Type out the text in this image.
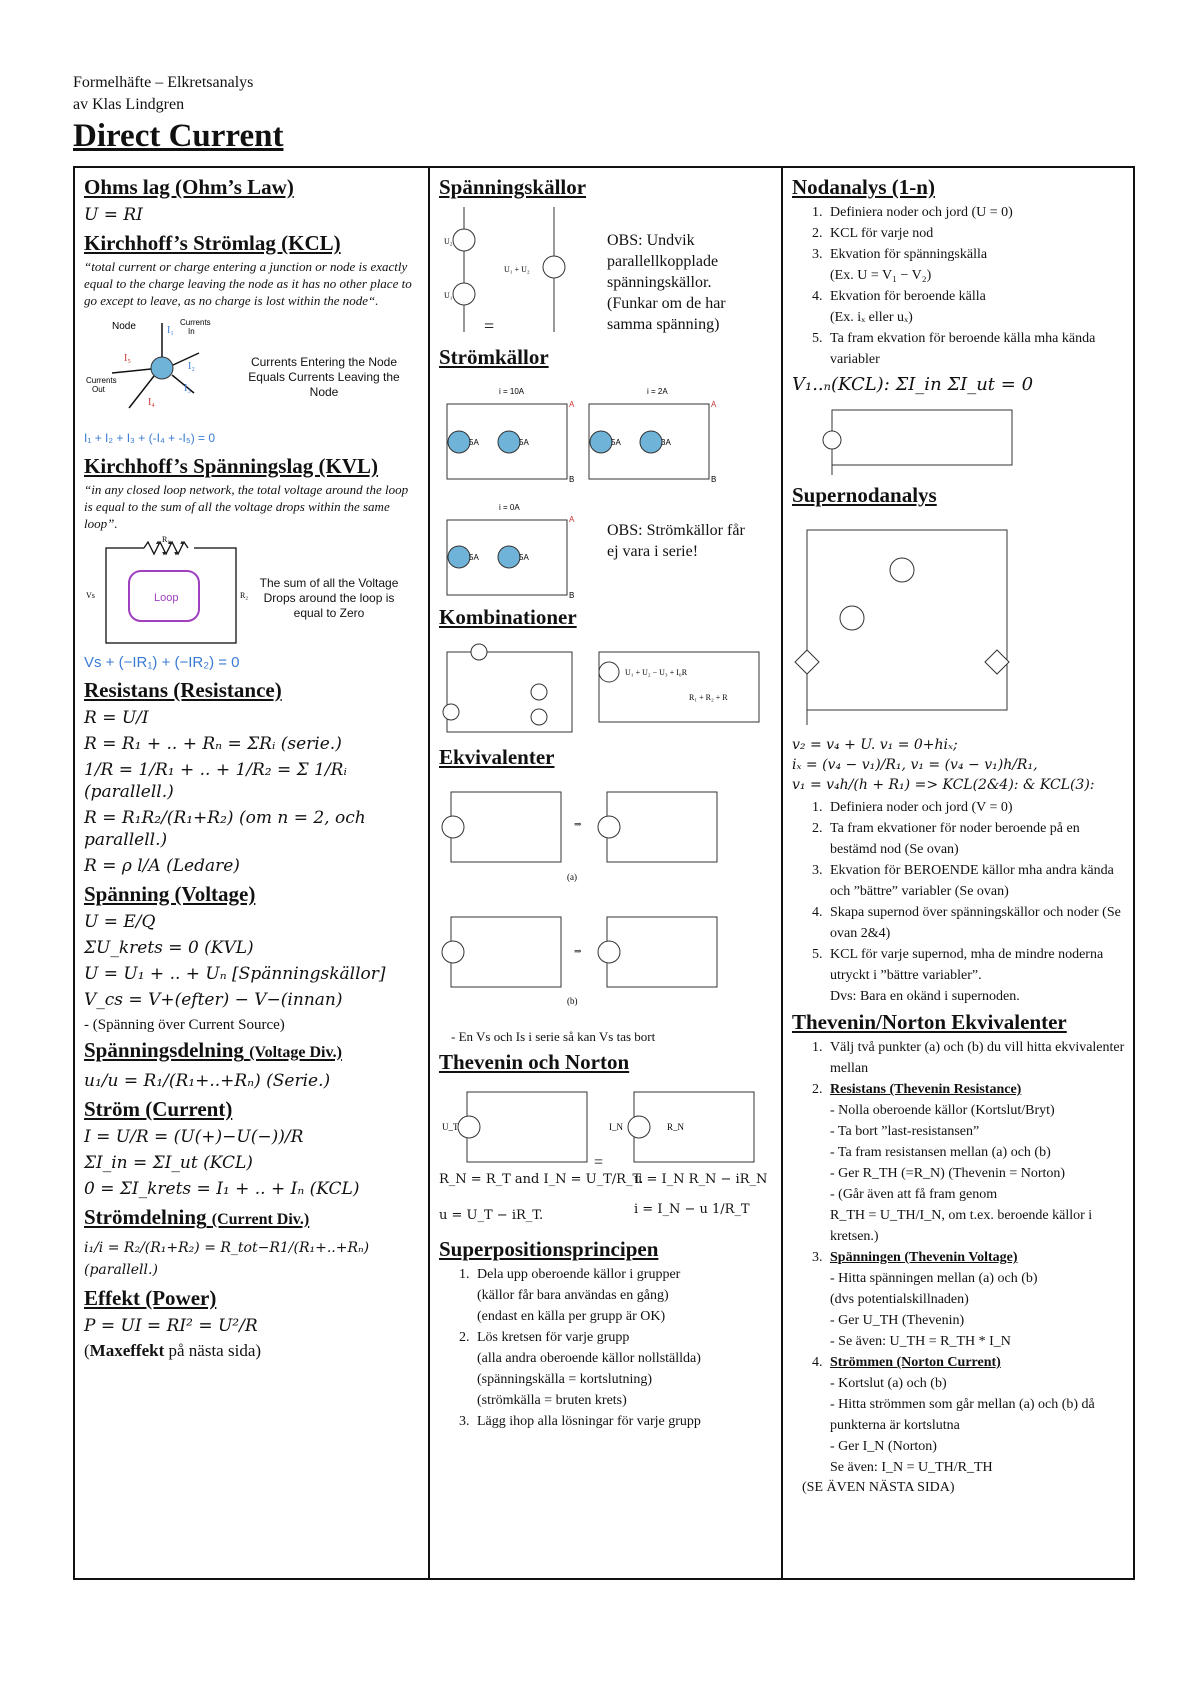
Formelhäfte – Elkretsanalys
av Klas Lindgren
Direct Current
Ohms lag (Ohm’s Law)
U = RI
Kirchhoff’s Strömlag (KCL)

“total current or charge entering a junction or node is exactly equal to the charge leaving the node as it has no other place to go except to leave, as no charge is lost within the node“.

Node	Currents
In
Currents
Out
I₁
I₂
I₃
I₄
I₅	Currents Entering the Node Equals Currents Leaving the Node
I₁ + I₂ + I₃ + (-I₄ + -I₅) = 0
Kirchhoff’s Spänningslag (KVL)

“in any closed loop network, the total voltage around the loop is equal to the sum of all the voltage drops within the same loop”.

Loop
R₁
Vs	R₂
The sum of all the Voltage Drops around the loop is equal to Zero
Vs + (−IR₁) + (−IR₂) = 0
Resistans (Resistance)
R = U/I
R = R₁ + .. + Rₙ = ΣRᵢ (serie.)
1/R = 1/R₁ + .. + 1/R₂ = Σ 1/Rᵢ (parallell.)
R = R₁R₂/(R₁+R₂) (om n = 2, och parallell.)
R = ρ l/A (Ledare)
Spänning (Voltage)
U = E/Q
ΣU_krets = 0 (KVL)
U = U₁ + .. + Uₙ [Spänningskällor]
V_cs = V+(efter) − V−(innan)
- (Spänning över Current Source)
Spänningsdelning (Voltage Div.)
u₁/u = R₁/(R₁+..+Rₙ) (Serie.)
Ström (Current)
I = U/R = (U(+)−U(−))/R
ΣI_in = ΣI_ut (KCL)
0 = ΣI_krets = I₁ + .. + Iₙ (KCL)
Strömdelning (Current Div.)
i₁/i = R₂/(R₁+R₂) = R_tot−R1/(R₁+..+Rₙ) (parallell.)
Effekt (Power)
P = UI = RI² = U²/R
(Maxeffekt på nästa sida)
Spänningskällor
U₂
U₁
=
U₁ + U₂
OBS: Undvik parallellkopplade spänningskällor. (Funkar om de har samma spänning)
Strömkällor
i = 10A
5A	5A
A
B
i = 2A
5A	3A
A
B
i = 0A
5A	5A
A
B
OBS: Strömkällor får ej vara i serie!
Kombinationer
U₁ + U₂ − U₃ + I₀R
R₁ + R₂ + R
Ekvivalenter
⇒
(a)
⇒
(b)
- En Vs och Is i serie så kan Vs tas bort
Thevenin och Norton
U_T
=
I_N	R_N
R_N = R_T and I_N = U_T/R_T.
u = I_N R_N − iR_N
u = U_T − iR_T.	i = I_N − u 1/R_T
Superpositionsprincipen
1. Dela upp oberoende källor i grupper
(källor får bara användas en gång)
(endast en källa per grupp är OK)
2. Lös kretsen för varje grupp
(alla andra oberoende källor nollställda)
(spänningskälla = kortslutning)
(strömkälla = bruten krets)
3. Lägg ihop alla lösningar för varje grupp
Nodanalys (1-n)
1. Definiera noder och jord (U = 0)
2. KCL för varje nod
3. Ekvation för spänningskälla
(Ex. U = V₁ − V₂)
4. Ekvation för beroende källa
(Ex. iₓ eller uₓ)
5. Ta fram ekvation för beroende källa mha kända variabler
V₁..ₙ(KCL): ΣI_in ΣI_ut = 0
Supernodanalys
v₂ = v₄ + U. v₁ = 0+hiₓ;
iₓ = (v₄ − v₁)/R₁, v₁ = (v₄ − v₁)h/R₁,
v₁ = v₄h/(h + R₁) => KCL(2&4): & KCL(3):
1. Definiera noder och jord (V = 0)
2. Ta fram ekvationer för noder beroende på en bestämd nod (Se ovan)
3. Ekvation för BEROENDE källor mha andra kända och ”bättre” variabler (Se ovan)
4. Skapa supernod över spänningskällor och noder (Se ovan 2&4)
5. KCL för varje supernod, mha de mindre noderna utryckt i ”bättre variabler”.
Dvs: Bara en okänd i supernoden.
Thevenin/Norton Ekvivalenter
1. Välj två punkter (a) och (b) du vill hitta ekvivalenter mellan
2. Resistans (Thevenin Resistance)
- Nolla oberoende källor (Kortslut/Bryt)
- Ta bort ”last-resistansen”
- Ta fram resistansen mellan (a) och (b)
- Ger R_TH (=R_N) (Thevenin = Norton)
- (Går även att få fram genom
R_TH = U_TH/I_N, om t.ex. beroende källor i kretsen.)
3. Spänningen (Thevenin Voltage)
- Hitta spänningen mellan (a) och (b)
(dvs potentialskillnaden)
- Ger U_TH (Thevenin)
- Se även: U_TH = R_TH * I_N
4. Strömmen (Norton Current)
- Kortslut (a) och (b)
- Hitta strömmen som går mellan (a) och (b) då punkterna är kortslutna
- Ger I_N (Norton)
Se även: I_N = U_TH/R_TH
(SE ÄVEN NÄSTA SIDA)
